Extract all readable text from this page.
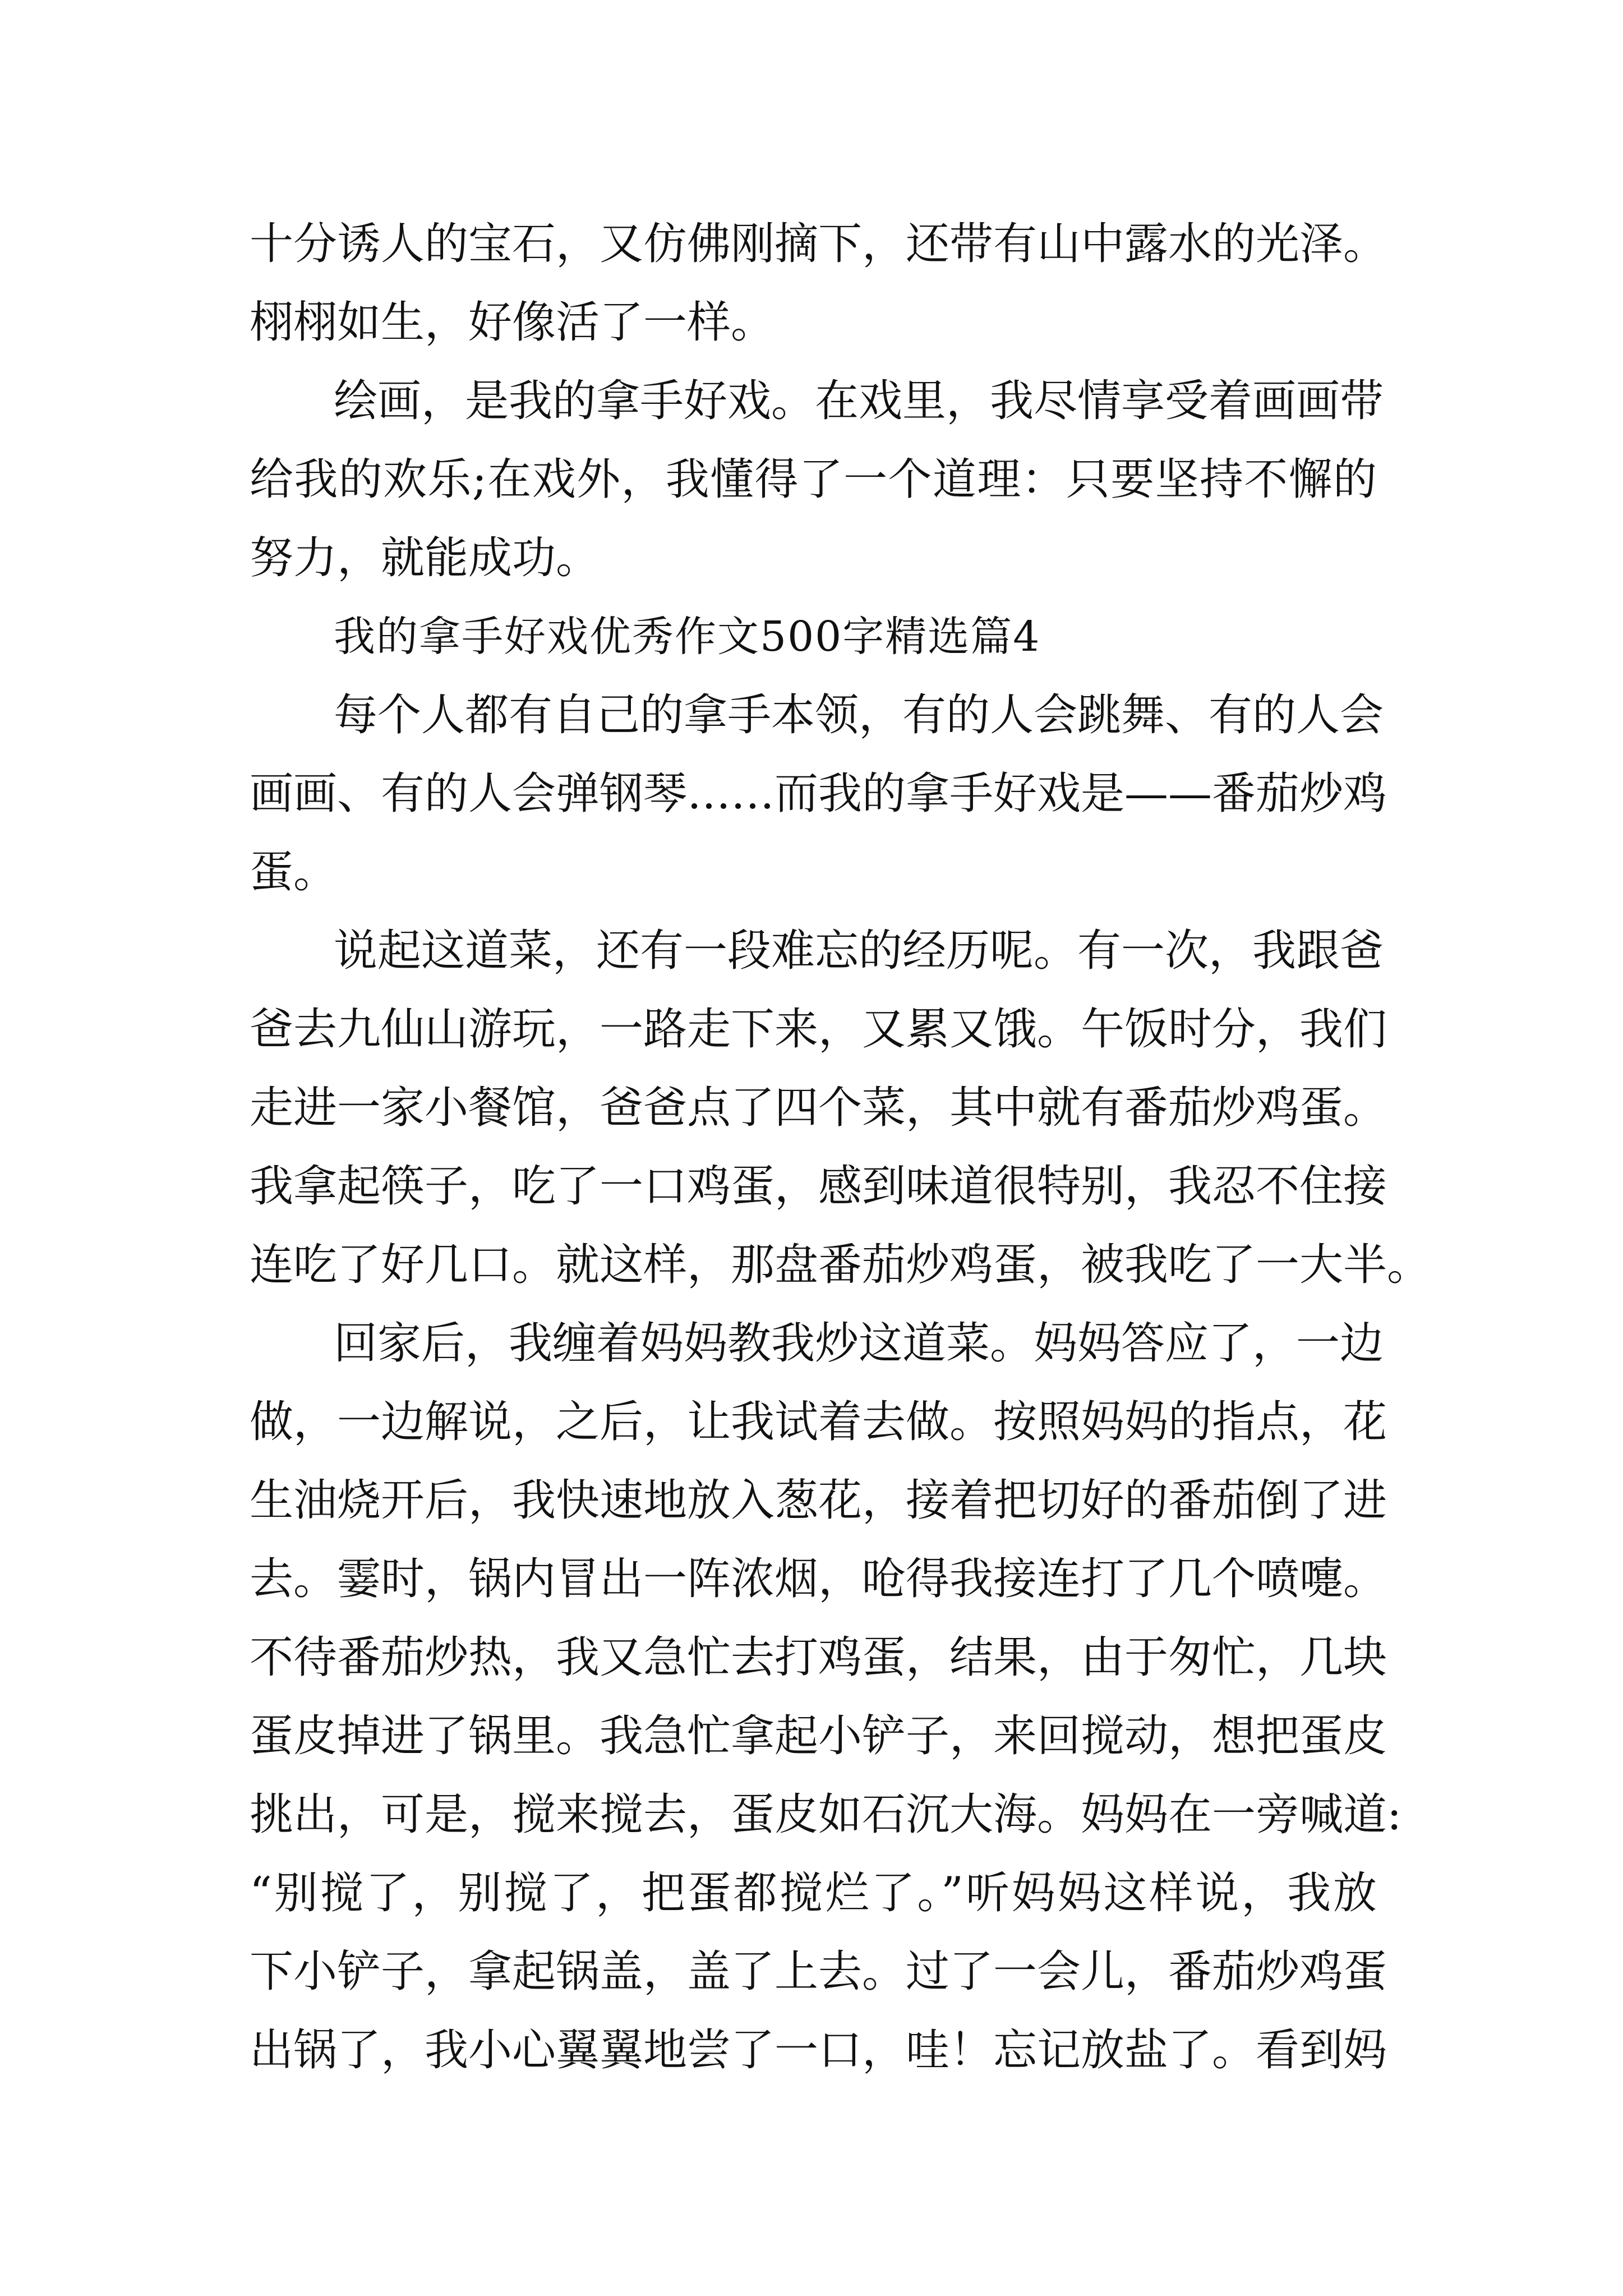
十分诱人的宝石，又仿佛刚摘下，还带有山中露水的光泽。
栩栩如生，好像活了一样。
绘画，是我的拿手好戏。在戏里，我尽情享受着画画带
给我的欢乐;在戏外，我懂得了一个道理：只要坚持不懈的
努力，就能成功。
我的拿手好戏优秀作文500字精选篇4
每个人都有自己的拿手本领，有的人会跳舞、有的人会
画画、有的人会弹钢琴……而我的拿手好戏是——番茄炒鸡
蛋。
说起这道菜，还有一段难忘的经历呢。有一次，我跟爸
爸去九仙山游玩，一路走下来，又累又饿。午饭时分，我们
走进一家小餐馆，爸爸点了四个菜，其中就有番茄炒鸡蛋。
我拿起筷子，吃了一口鸡蛋，感到味道很特别，我忍不住接
连吃了好几口。就这样，那盘番茄炒鸡蛋，被我吃了一大半。
回家后，我缠着妈妈教我炒这道菜。妈妈答应了，一边
做，一边解说，之后，让我试着去做。按照妈妈的指点，花
生油烧开后，我快速地放入葱花，接着把切好的番茄倒了进
去。霎时，锅内冒出一阵浓烟，呛得我接连打了几个喷嚏。
不待番茄炒热，我又急忙去打鸡蛋，结果，由于匆忙，几块
蛋皮掉进了锅里。我急忙拿起小铲子，来回搅动，想把蛋皮
挑出，可是，搅来搅去，蛋皮如石沉大海。妈妈在一旁喊道:
“别搅了，别搅了，把蛋都搅烂了。”听妈妈这样说，我放
下小铲子，拿起锅盖，盖了上去。过了一会儿，番茄炒鸡蛋
出锅了，我小心翼翼地尝了一口，哇！忘记放盐了。看到妈
